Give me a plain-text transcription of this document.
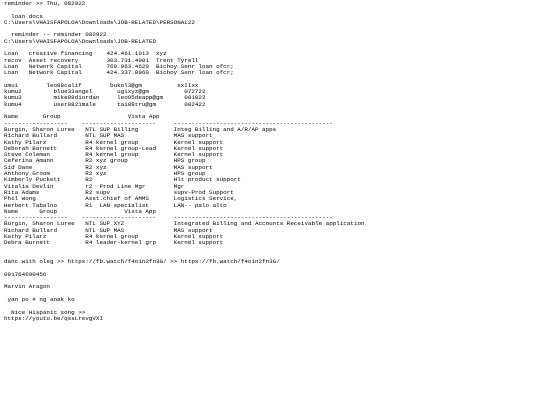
reminder >> Thu, 082922
loan docs
C:\Users\VHAISFAPOLOA\Downloads\JOB-RELATED\PERSONAL22
reminder -- reminder 082922
C:\Users\VHAISFAPOLOA\Downloads\JOB-RELATED
Loan   creative financing    424.461.1013  xyz
recov  Asset recovery        303.731.4901  Trent Tyrell
Loan   Network Capital       760.963.4620  Bichoy Senr loan ofcr;
Loan   Network Capital       424.337.8960  Bichoy Senr loan ofcr;
umu1        leo88calif        bukol3@gm          xxIIxx
kumu2         blue33angel       ugixyz@gm          072722
kumu3         mike99diordan     leo95deapp@gm      081022
kumu4         user8821male      tai88tru@gm        082422
Name       Group                   Vista App
------------------    ---------------------     ---------------------------------------------
Burgin, Sharon Luree   NTL SUP Billing          Integ Billing and A/R/AP apps
Richard Bullard        NTL SUP MAS              MAS support
Kathy Pilarz           R4 kernel group          Kernel support
Deborah Barnett        R4 kernel group-Lead     Kernel support
Steve Coleman          R4 kernel group          Kernel support
Ceferina Amann         R2 xyz group             HPS group
Sid Dane               R2 xyz                   MAS support
Anthony Groom          R2 xyz                   HPS group
Kimberly Puckett       R2                       Hlt product support
Vitalia Devlin         r2  Prod Line Mgr        Mgr
Rita Adams             R2 supv                  supv-Prod Support
Phil Wong              Asst.chief of AMMS       Logistics Service,
Herbert Tabalno        R1  LAN specialist       LAN-- palo alto
Name      Group                   Vista App
------------------    ---------------------     ---------------------------------------------
Burgin, Sharon Luree   NTL SUP XYZ              Integrated Billing and Accounts Receivable application
Richard Bullard        NTL SUP MAS              MAS support
Kathy Pilarz           R4 kernel group          Kernel support
Debra Burnett          R4 leader-kernel grp     Kernel support
danc with oleg >> https://fb.watch/f4oin2fn3G/ >> https://fb.watch/f4oin2fn3G/
091764690456
Marvin Aragon
yan po # ng anak ko
Nice Hispanic song >>
https://youtu.be/qssLrevgVXI
